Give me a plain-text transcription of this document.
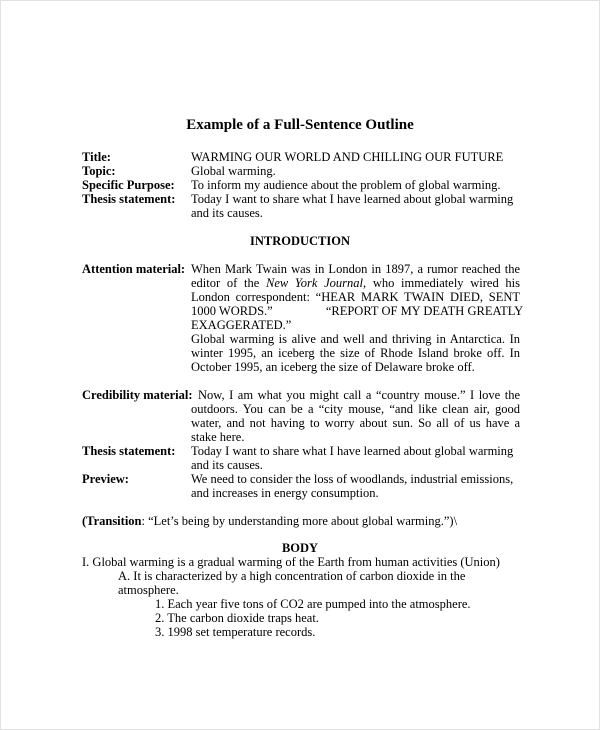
Example of a Full-Sentence Outline
Title:	WARMING OUR WORLD AND CHILLING OUR FUTURE
Topic:	Global warming.
Specific Purpose: To inform my audience about the problem of global warming.
Thesis statement: Today I want to share what I have learned about global warming
and its causes.
INTRODUCTION
Attention material: When Mark Twain was in London in 1897, a rumor reached the
editor of the New York Journal, who immediately wired his
London correspondent: “HEAR MARK TWAIN DIED, SENT
1000 WORDS.”                 “REPORT OF MY DEATH GREATLY
EXAGGERATED.”
Global warming is alive and well and thriving in Antarctica. In
winter 1995, an iceberg the size of Rhode Island broke off. In
October 1995, an iceberg the size of Delaware broke off.
Credibility material: Now, I am what you might call a “country mouse.” I love the
outdoors. You can be a “city mouse, “and like clean air, good
water, and not having to worry about sun. So all of us have a
stake here.
Thesis statement: Today I want to share what I have learned about global warming
and its causes.
Preview:	We need to consider the loss of woodlands, industrial emissions,
and increases in energy consumption.
(Transition: “Let’s being by understanding more about global warming.”)\
BODY
I. Global warming is a gradual warming of the Earth from human activities (Union)
A. It is characterized by a high concentration of carbon dioxide in the
atmosphere.
1. Each year five tons of CO2 are pumped into the atmosphere.
2. The carbon dioxide traps heat.
3. 1998 set temperature records.
